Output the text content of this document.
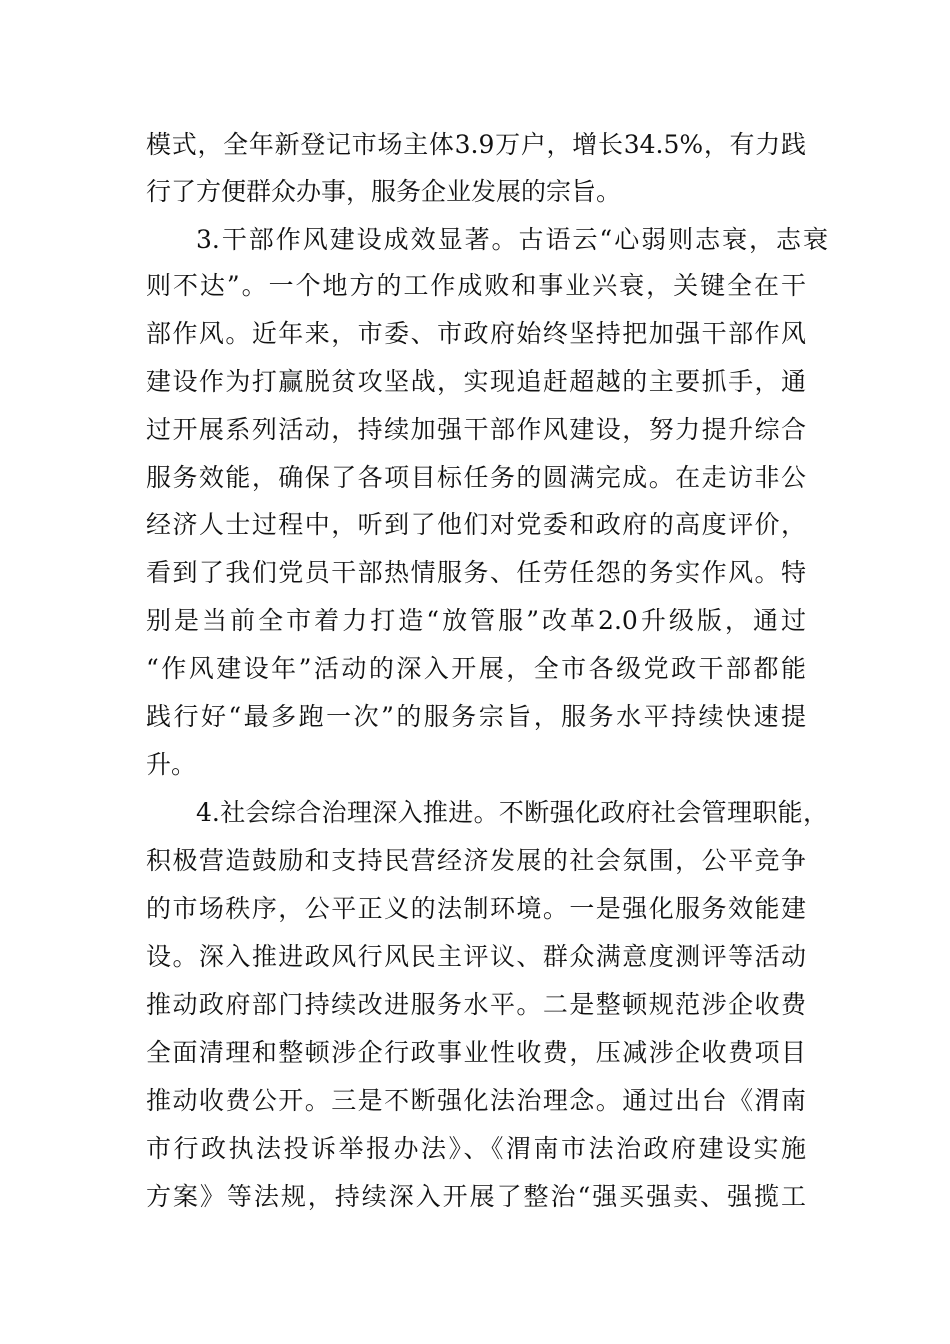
模式，全年新登记市场主体3.9万户，增长34.5%，有力践
行了方便群众办事，服务企业发展的宗旨。
3.干部作风建设成效显著。古语云“心弱则志衰，志衰
则不达”。一个地方的工作成败和事业兴衰，关键全在干
部作风。近年来，市委、市政府始终坚持把加强干部作风
建设作为打赢脱贫攻坚战，实现追赶超越的主要抓手，通
过开展系列活动，持续加强干部作风建设，努力提升综合
服务效能，确保了各项目标任务的圆满完成。在走访非公
经济人士过程中，听到了他们对党委和政府的高度评价，
看到了我们党员干部热情服务、任劳任怨的务实作风。特
别是当前全市着力打造“放管服”改革2.0升级版，通过
“作风建设年”活动的深入开展，全市各级党政干部都能
践行好“最多跑一次”的服务宗旨，服务水平持续快速提
升。
4.社会综合治理深入推进。不断强化政府社会管理职能，
积极营造鼓励和支持民营经济发展的社会氛围，公平竞争
的市场秩序，公平正义的法制环境。一是强化服务效能建
设。深入推进政风行风民主评议、群众满意度测评等活动
推动政府部门持续改进服务水平。二是整顿规范涉企收费
全面清理和整顿涉企行政事业性收费，压减涉企收费项目
推动收费公开。三是不断强化法治理念。通过出台《渭南
市行政执法投诉举报办法》、《渭南市法治政府建设实施
方案》等法规，持续深入开展了整治“强买强卖、强揽工
